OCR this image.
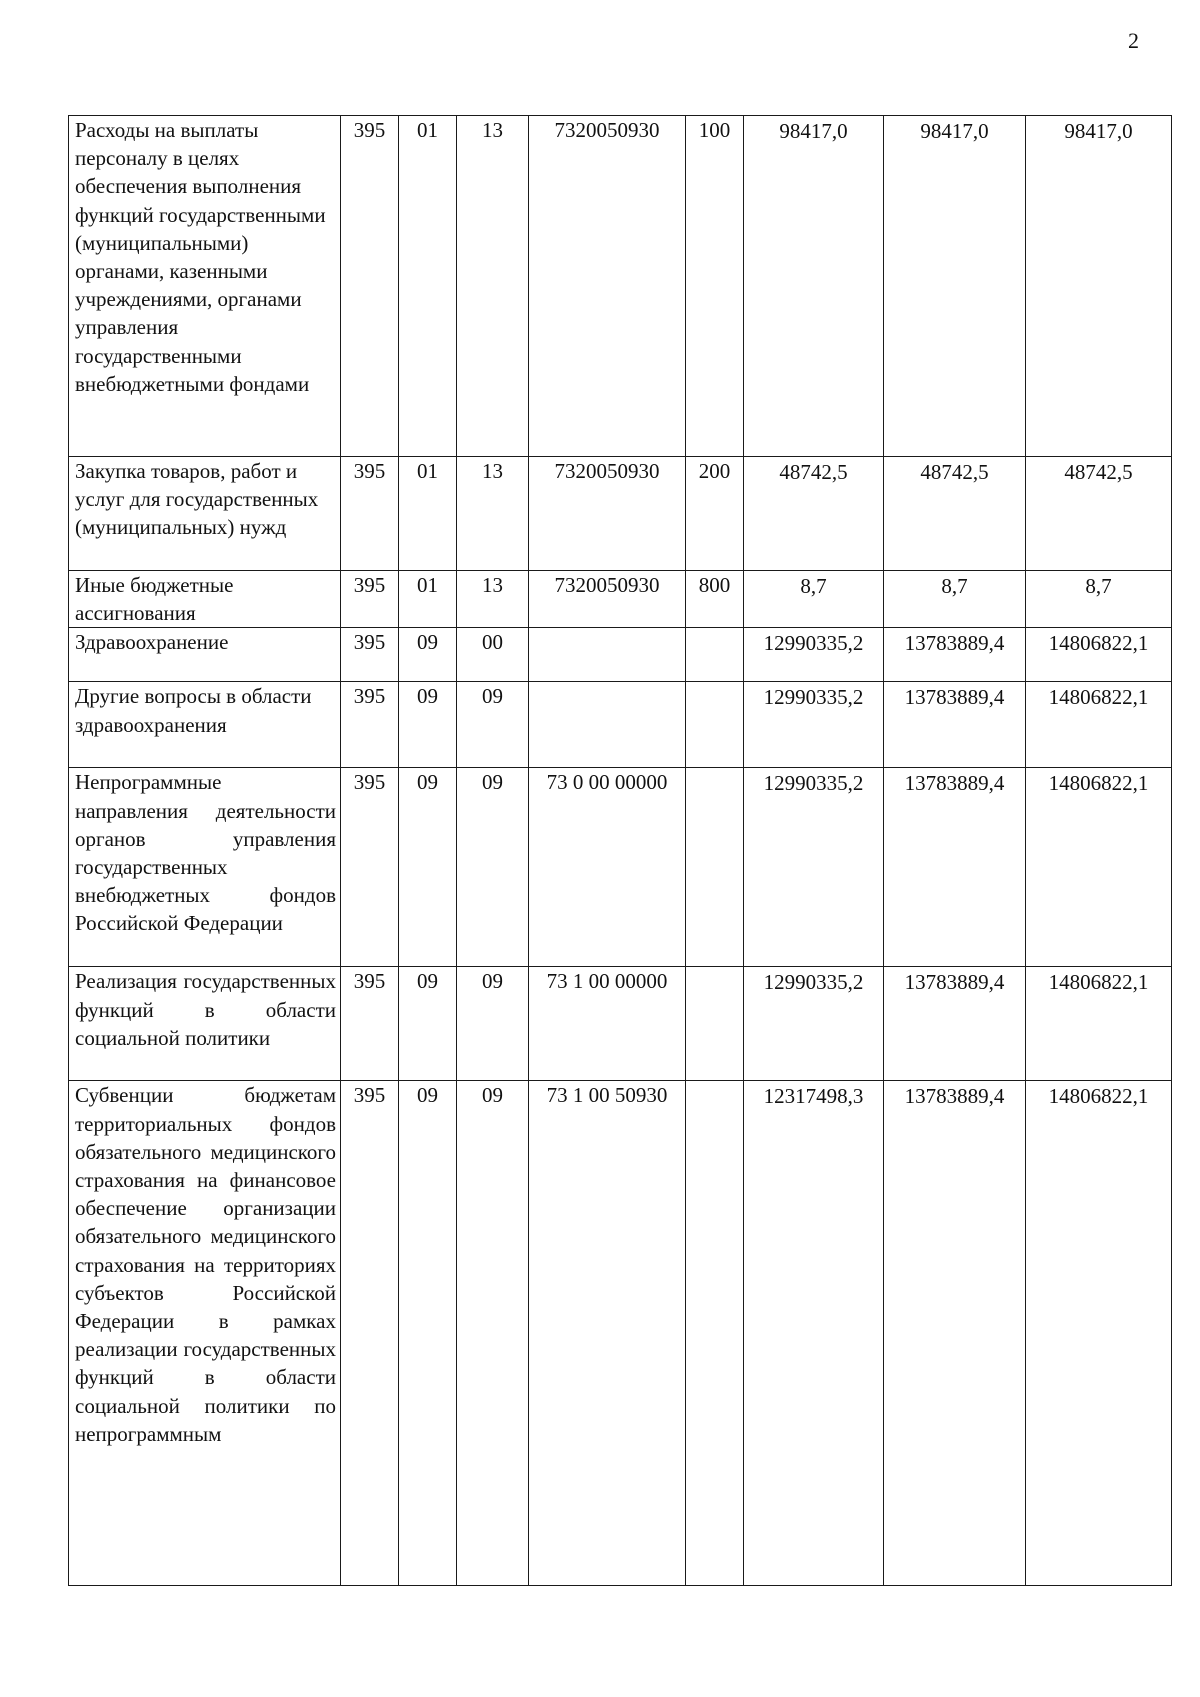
2
Расходы на выплаты персоналу в целях обеспечения выполнения функций государственными (муниципальными) органами, казенными учреждениями, органами управления государственными внебюджетными фондами	395	01	13	7320050930	100	98417,0	98417,0	98417,0
Закупка товаров, работ и услуг для государственных (муниципальных) нужд	395	01	13	7320050930	200	48742,5	48742,5	48742,5
Иные бюджетные ассигнования	395	01	13	7320050930	800	8,7	8,7	8,7
Здравоохранение	395	09	00			12990335,2	13783889,4	14806822,1
Другие вопросы в области здравоохранения	395	09	09			12990335,2	13783889,4	14806822,1
Непрограммные направления деятельности органов управления государственных внебюджетных фондов Российской Федерации	395	09	09	73 0 00 00000		12990335,2	13783889,4	14806822,1
Реализация государственных функций в области социальной политики	395	09	09	73 1 00 00000		12990335,2	13783889,4	14806822,1
Субвенции бюджетам территориальных фондов обязательного медицинского страхования на финансовое обеспечение организации обязательного медицинского страхования на территориях субъектов Российской Федерации в рамках реализации государственных функций в области социальной политики по непрограммным	395	09	09	73 1 00 50930		12317498,3	13783889,4	14806822,1
